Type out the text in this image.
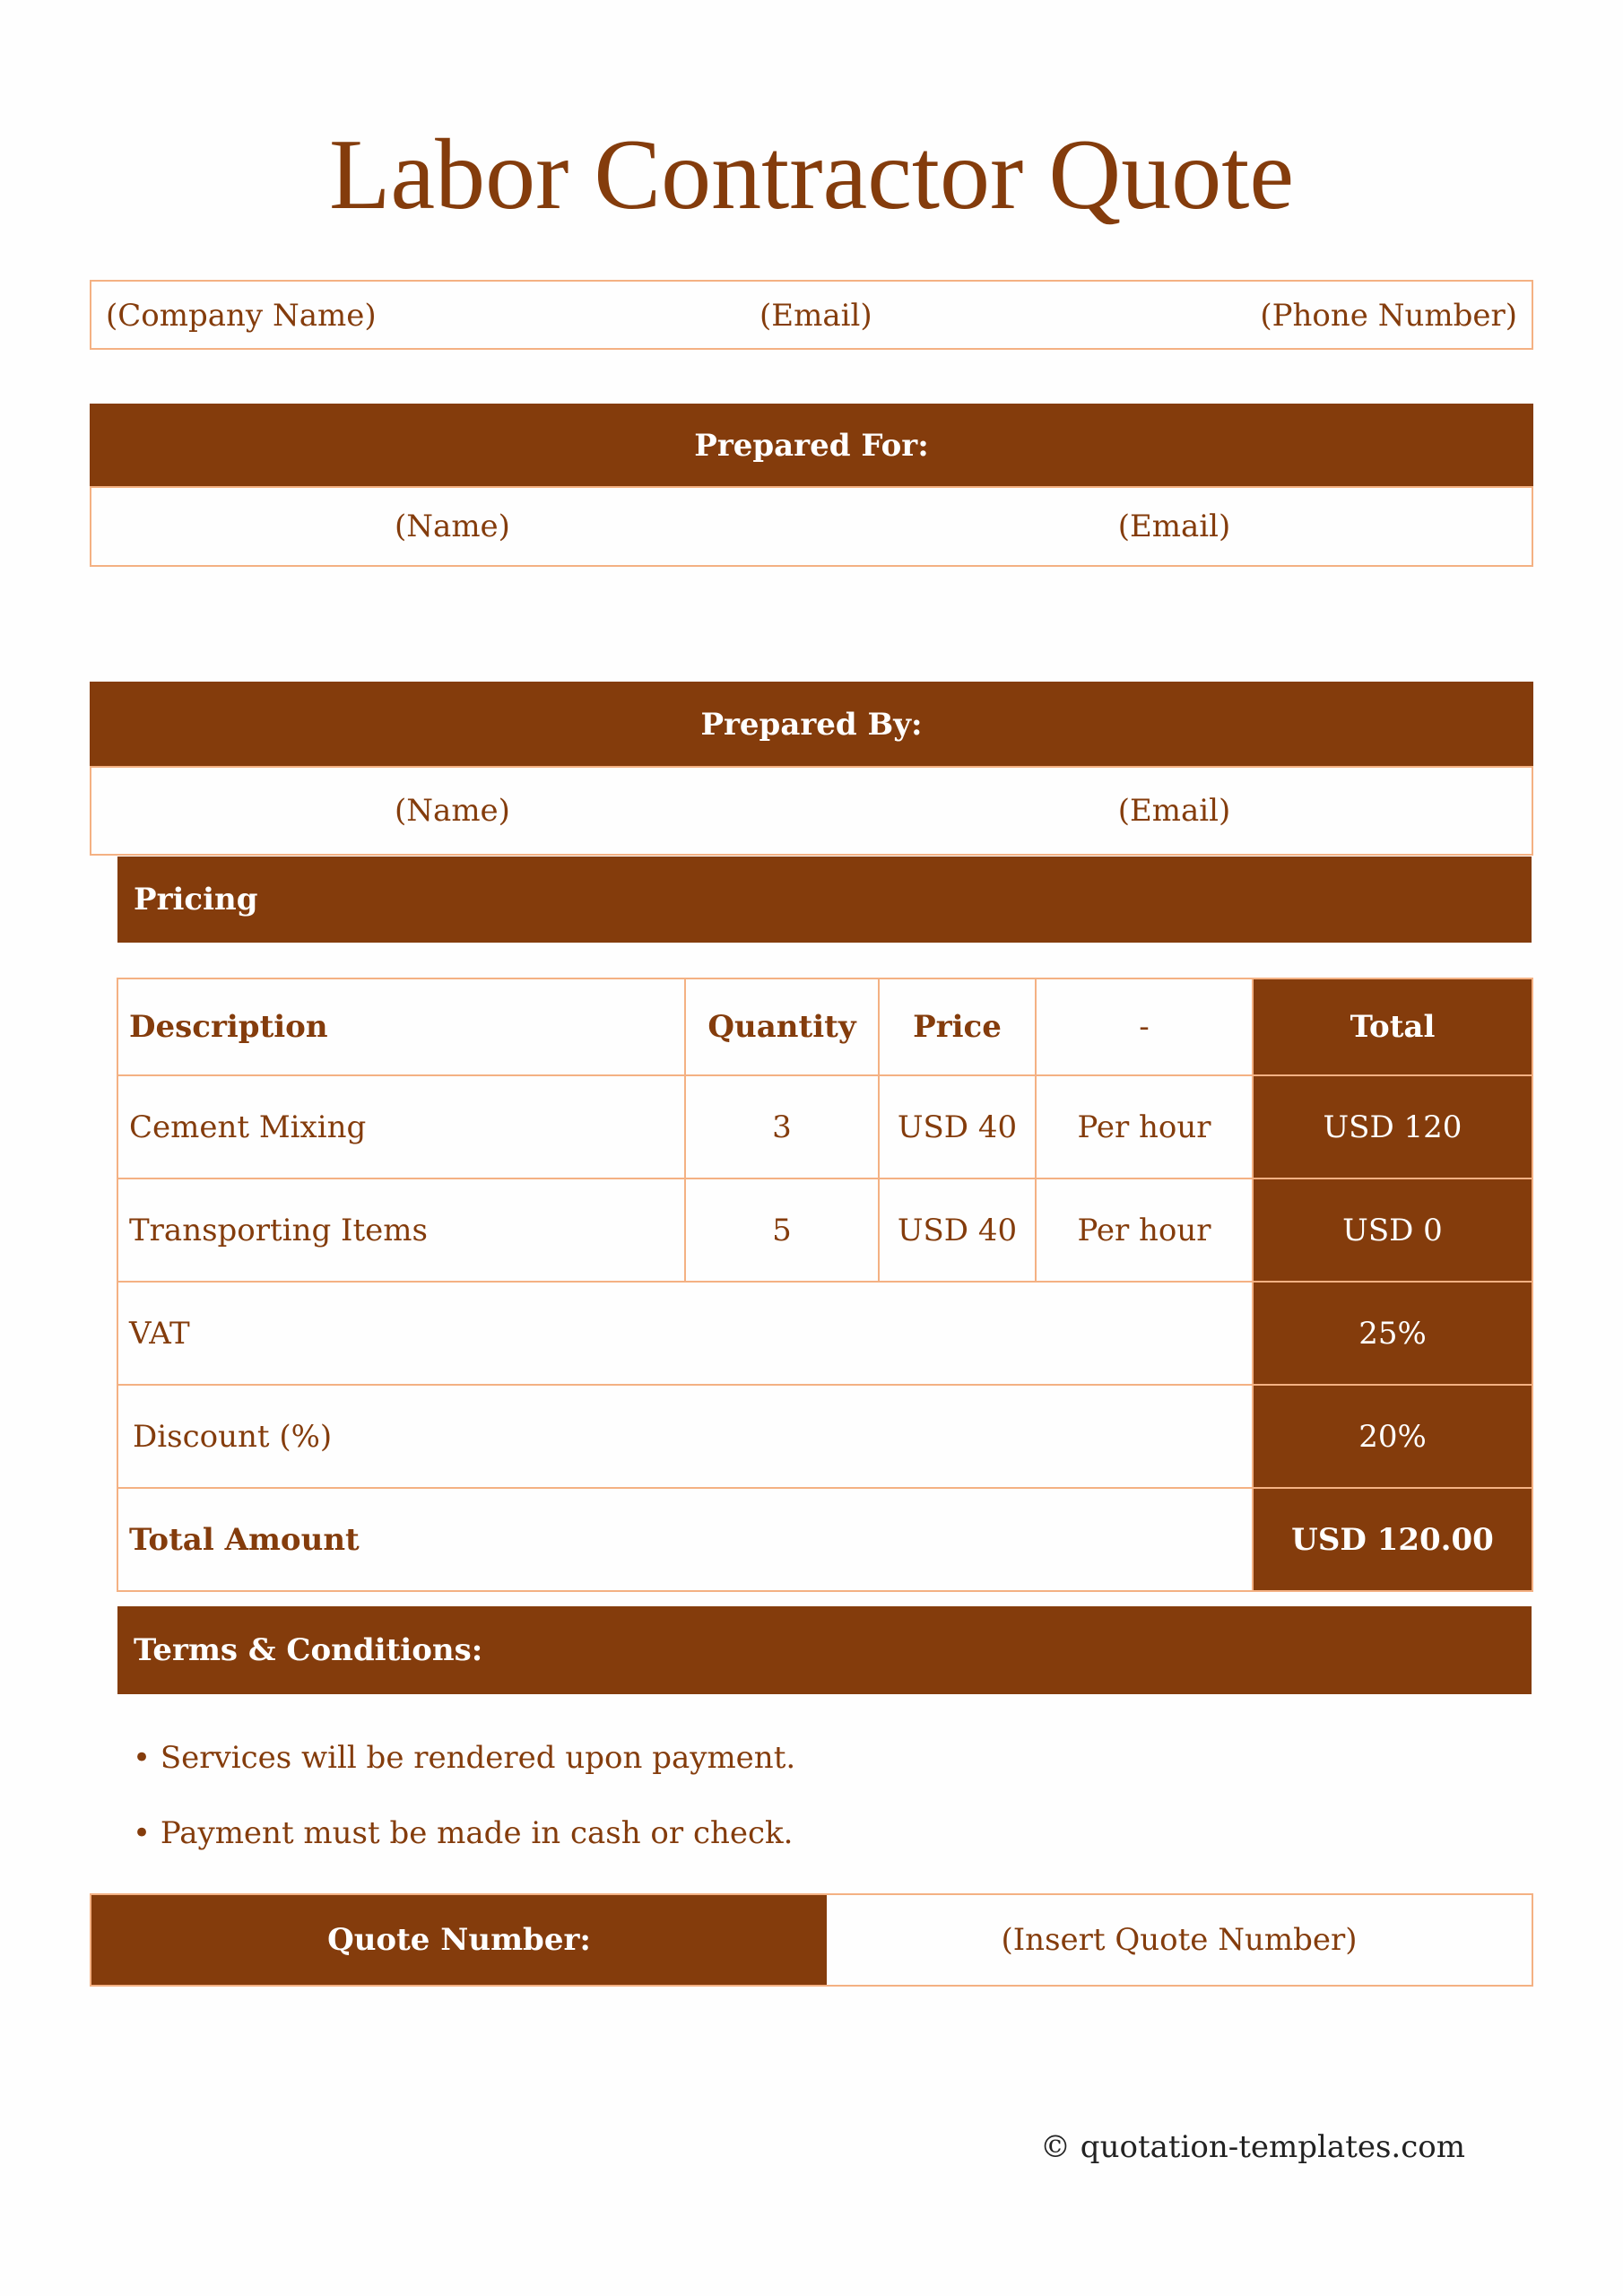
Labor Contractor Quote
(Company Name)	(Email)	(Phone Number)
Prepared For:
(Name)	(Email)
Prepared By:
(Name)	(Email)
Pricing
Description	Quantity	Price	-	Total
Cement Mixing	3	USD 40	Per hour	USD 120
Transporting Items	5	USD 40	Per hour	USD 0
VAT				25%
Discount (%)				20%
Total Amount				USD 120.00
Terms & Conditions:
• Services will be rendered upon payment.
• Payment must be made in cash or check.
Quote Number:	(Insert Quote Number)
© quotation-templates.com
